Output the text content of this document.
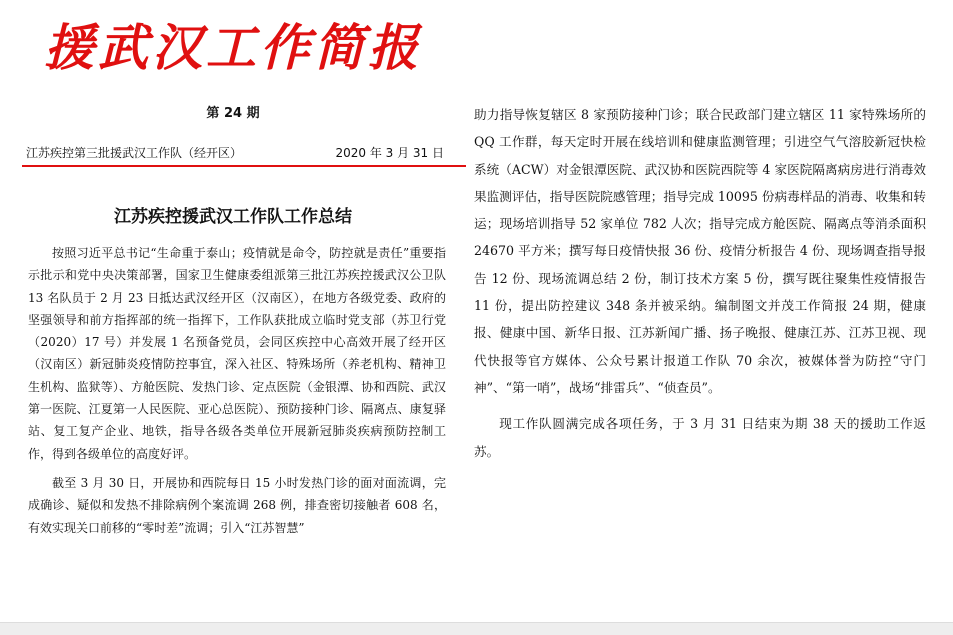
援武汉工作简报
第 24 期
江苏疾控第三批援武汉工作队（经开区）	2020 年 3 月 31 日
江苏疾控援武汉工作队工作总结

按照习近平总书记“生命重于泰山；疫情就是命令，防控就是责任”重要指示批示和党中央决策部署，国家卫生健康委组派第三批江苏疾控援武汉公卫队 13 名队员于 2 月 23 日抵达武汉经开区（汉南区），在地方各级党委、政府的坚强领导和前方指挥部的统一指挥下，工作队获批成立临时党支部（苏卫行党（2020）17 号）并发展 1 名预备党员，会同区疾控中心高效开展了经开区（汉南区）新冠肺炎疫情防控事宜，深入社区、特殊场所（养老机构、精神卫生机构、监狱等）、方舱医院、发热门诊、定点医院（金银潭、协和西院、武汉第一医院、江夏第一人民医院、亚心总医院）、预防接种门诊、隔离点、康复驿站、复工复产企业、地铁，指导各级各类单位开展新冠肺炎疾病预防控制工作，得到各级单位的高度好评。

截至 3 月 30 日，开展协和西院每日 15 小时发热门诊的面对面流调，完成确诊、疑似和发热不排除病例个案流调 268 例，排查密切接触者 608 名，有效实现关口前移的“零时差”流调；引入“江苏智慧”

助力指导恢复辖区 8 家预防接种门诊；联合民政部门建立辖区 11 家特殊场所的 QQ 工作群，每天定时开展在线培训和健康监测管理；引进空气气溶胶新冠快检系统（ACW）对金银潭医院、武汉协和医院西院等 4 家医院隔离病房进行消毒效果监测评估，指导医院院感管理；指导完成 10095 份病毒样品的消毒、收集和转运；现场培训指导 52 家单位 782 人次；指导完成方舱医院、隔离点等消杀面积 24670 平方米；撰写每日疫情快报 36 份、疫情分析报告 4 份、现场调查指导报告 12 份、现场流调总结 2 份，制订技术方案 5 份，撰写既往聚集性疫情报告 11 份，提出防控建议 348 条并被采纳。编制图文并茂工作简报 24 期，健康报、健康中国、新华日报、江苏新闻广播、扬子晚报、健康江苏、江苏卫视、现代快报等官方媒体、公众号累计报道工作队 70 余次，被媒体誉为防控“守门神”、“第一哨”，战场“排雷兵”、“侦查员”。

现工作队圆满完成各项任务，于 3 月 31 日结束为期 38 天的援助工作返苏。
